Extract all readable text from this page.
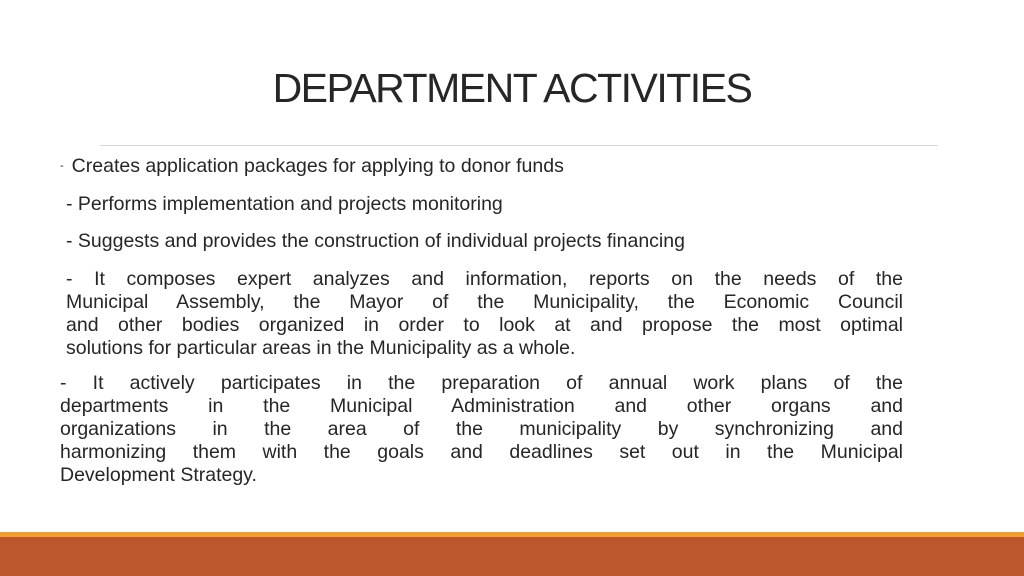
DEPARTMENT ACTIVITIES
- Creates application packages for applying to donor funds
- Performs implementation and projects monitoring
- Suggests and provides the construction of individual projects financing
- It composes expert analyzes and information, reports on the needs of the
Municipal Assembly, the Mayor of the Municipality, the Economic Council
and other bodies organized in order to look at and propose the most optimal
solutions for particular areas in the Municipality as a whole.
- It actively participates in the preparation of annual work plans of the
departments in the Municipal Administration and other organs and
organizations in the area of the municipality by synchronizing and
harmonizing them with the goals and deadlines set out in the Municipal
Development Strategy.
